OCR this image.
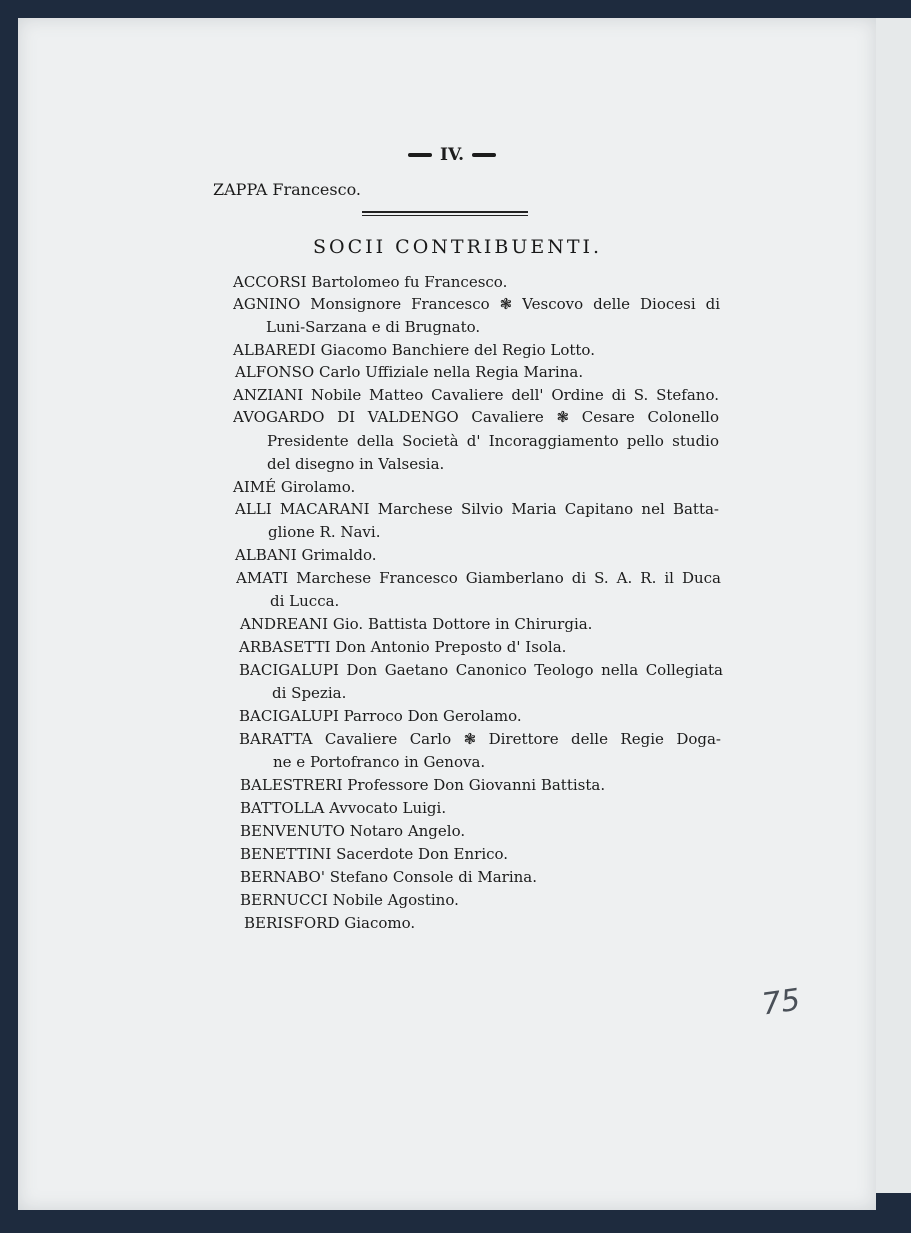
IV.
ZAPPA Francesco.
SOCII CONTRIBUENTI.
ACCORSI Bartolomeo fu Francesco.
AGNINO Monsignore Francesco ❃ Vescovo delle Diocesi di
Luni-Sarzana e di Brugnato.
ALBAREDI Giacomo Banchiere del Regio Lotto.
ALFONSO Carlo Uffiziale nella Regia Marina.
ANZIANI Nobile Matteo Cavaliere dell' Ordine di S. Stefano.
AVOGARDO DI VALDENGO Cavaliere ❃ Cesare Colonello
Presidente della Società d' Incoraggiamento pello studio
del disegno in Valsesia.
AIMÉ Girolamo.
ALLI MACARANI Marchese Silvio Maria Capitano nel Batta-
glione R. Navi.
ALBANI Grimaldo.
AMATI Marchese Francesco Giamberlano di S. A. R. il Duca
di Lucca.
ANDREANI Gio. Battista Dottore in Chirurgia.
ARBASETTI Don Antonio Preposto d' Isola.
BACIGALUPI Don Gaetano Canonico Teologo nella Collegiata
di Spezia.
BACIGALUPI Parroco Don Gerolamo.
BARATTA Cavaliere Carlo ❃ Direttore delle Regie Doga-
ne e Portofranco in Genova.
BALESTRERI Professore Don Giovanni Battista.
BATTOLLA Avvocato Luigi.
BENVENUTO Notaro Angelo.
BENETTINI Sacerdote Don Enrico.
BERNABO' Stefano Console di Marina.
BERNUCCI Nobile Agostino.
BERISFORD Giacomo.
75
